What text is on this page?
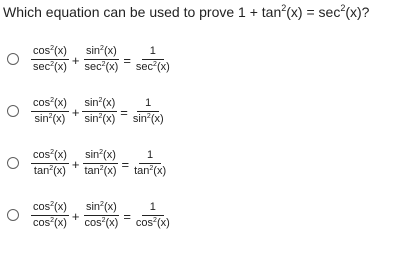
Which equation can be used to prove $1 + \tan^2(x) = \sec^2(x)$?
$\frac{\cos^2(x)}{\sec^2(x)} + \frac{\sin^2(x)}{\sec^2(x)} = \frac{1}{\sec^2(x)}$
$\frac{\cos^2(x)}{\sin^2(x)} + \frac{\sin^2(x)}{\sin^2(x)} = \frac{1}{\sin^2(x)}$
$\frac{\cos^2(x)}{\tan^2(x)} + \frac{\sin^2(x)}{\tan^2(x)} = \frac{1}{\tan^2(x)}$
$\frac{\cos^2(x)}{\cos^2(x)} + \frac{\sin^2(x)}{\cos^2(x)} = \frac{1}{\cos^2(x)}$
